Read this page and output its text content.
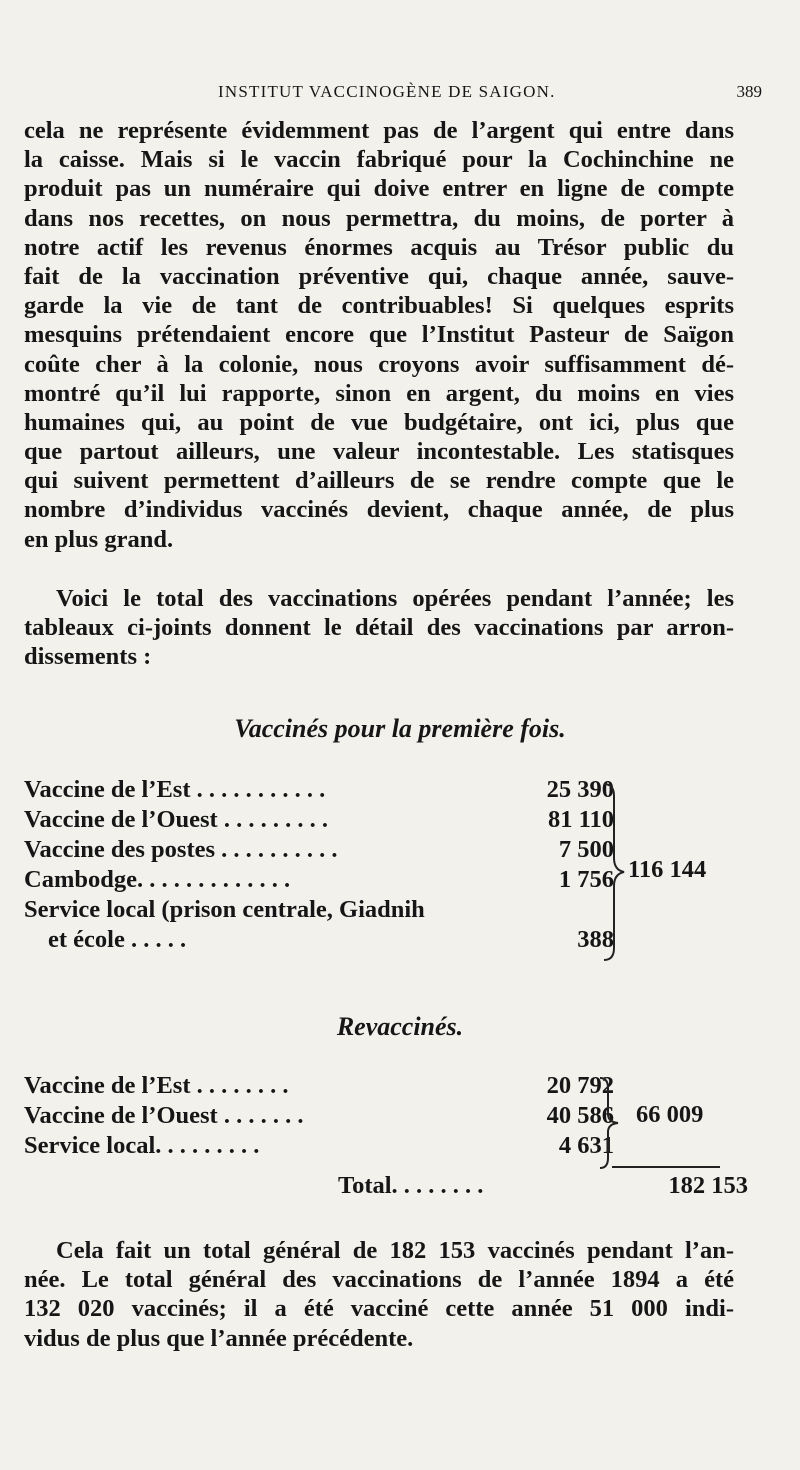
INSTITUT VACCINOGÈNE DE SAIGON.	389
cela ne représente évidemment pas de l’argent qui entre dans
la caisse. Mais si le vaccin fabriqué pour la Cochinchine ne
produit pas un numéraire qui doive entrer en ligne de compte
dans nos recettes, on nous permettra, du moins, de porter à
notre actif les revenus énormes acquis au Trésor public du
fait de la vaccination préventive qui, chaque année, sauve-
garde la vie de tant de contribuables! Si quelques esprits
mesquins prétendaient encore que l’Institut Pasteur de Saïgon
coûte cher à la colonie, nous croyons avoir suffisamment dé-
montré qu’il lui rapporte, sinon en argent, du moins en vies
humaines qui, au point de vue budgétaire, ont ici, plus que
que partout ailleurs, une valeur incontestable. Les statisques
qui suivent permettent d’ailleurs de se rendre compte que le
nombre d’individus vaccinés devient, chaque année, de plus
en plus grand.
Voici le total des vaccinations opérées pendant l’année; les
tableaux ci-joints donnent le détail des vaccinations par arron-
dissements :
Vaccinés pour la première fois.
Vaccine de l’Est . . . . . . . . . . .	25 390
Vaccine de l’Ouest . . . . . . . . .	81 110
Vaccine des postes . . . . . . . . . .	7 500
Cambodge. . . . . . . . . . . . .	1 756
Service local (prison centrale, Giadnih
et école . . . . .	388
116 144
Revaccinés.
Vaccine de l’Est . . . . . . . .	20 792
Vaccine de l’Ouest . . . . . . .	40 586
Service local. . . . . . . . .	4 631
66 009
Total. . . . . . . .	182 153
Cela fait un total général de 182 153 vaccinés pendant l’an-
née. Le total général des vaccinations de l’année 1894 a été
132 020 vaccinés; il a été vacciné cette année 51 000 indi-
vidus de plus que l’année précédente.
